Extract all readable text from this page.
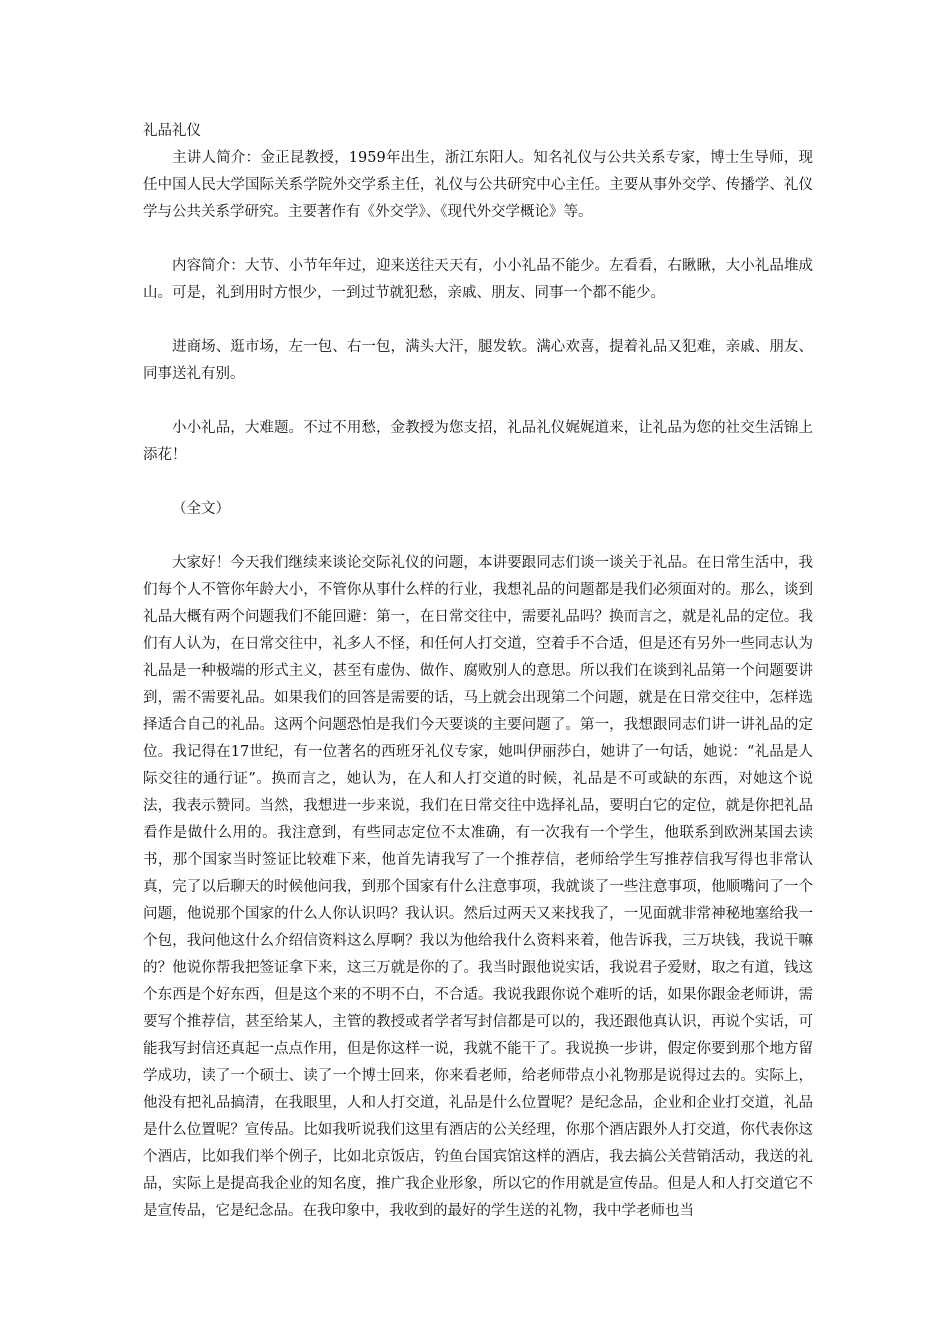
礼品礼仪

主讲人简介：金正昆教授，1959年出生，浙江东阳人。知名礼仪与公共关系专家，博士生导师，现任中国人民大学国际关系学院外交学系主任，礼仪与公共研究中心主任。主要从事外交学、传播学、礼仪学与公共关系学研究。主要著作有《外交学》、《现代外交学概论》等。

内容简介：大节、小节年年过，迎来送往天天有，小小礼品不能少。左看看，右瞅瞅，大小礼品堆成山。可是，礼到用时方恨少，一到过节就犯愁，亲戚、朋友、同事一个都不能少。

进商场、逛市场，左一包、右一包，满头大汗，腿发软。满心欢喜，提着礼品又犯难，亲戚、朋友、同事送礼有别。

小小礼品，大难题。不过不用愁，金教授为您支招，礼品礼仪娓娓道来，让礼品为您的社交生活锦上添花！

（全文）

大家好！今天我们继续来谈论交际礼仪的问题，本讲要跟同志们谈一谈关于礼品。在日常生活中，我们每个人不管你年龄大小，不管你从事什么样的行业，我想礼品的问题都是我们必须面对的。那么，谈到礼品大概有两个问题我们不能回避：第一，在日常交往中，需要礼品吗？换而言之，就是礼品的定位。我们有人认为，在日常交往中，礼多人不怪，和任何人打交道，空着手不合适，但是还有另外一些同志认为礼品是一种极端的形式主义，甚至有虚伪、做作、腐败别人的意思。所以我们在谈到礼品第一个问题要讲到，需不需要礼品。如果我们的回答是需要的话，马上就会出现第二个问题，就是在日常交往中，怎样选择适合自己的礼品。这两个问题恐怕是我们今天要谈的主要问题了。第一，我想跟同志们讲一讲礼品的定位。我记得在17世纪，有一位著名的西班牙礼仪专家，她叫伊丽莎白，她讲了一句话，她说：“礼品是人际交往的通行证”。换而言之，她认为，在人和人打交道的时候，礼品是不可或缺的东西，对她这个说法，我表示赞同。当然，我想进一步来说，我们在日常交往中选择礼品，要明白它的定位，就是你把礼品看作是做什么用的。我注意到，有些同志定位不太准确，有一次我有一个学生，他联系到欧洲某国去读书，那个国家当时签证比较难下来，他首先请我写了一个推荐信，老师给学生写推荐信我写得也非常认真，完了以后聊天的时候他问我，到那个国家有什么注意事项，我就谈了一些注意事项，他顺嘴问了一个问题，他说那个国家的什么人你认识吗？我认识。然后过两天又来找我了，一见面就非常神秘地塞给我一个包，我问他这什么介绍信资料这么厚啊？我以为他给我什么资料来着，他告诉我，三万块钱，我说干嘛的？他说你帮我把签证拿下来，这三万就是你的了。我当时跟他说实话，我说君子爱财，取之有道，钱这个东西是个好东西，但是这个来的不明不白，不合适。我说我跟你说个难听的话，如果你跟金老师讲，需要写个推荐信，甚至给某人，主管的教授或者学者写封信都是可以的，我还跟他真认识，再说个实话，可能我写封信还真起一点点作用，但是你这样一说，我就不能干了。我说换一步讲，假定你要到那个地方留学成功，读了一个硕士、读了一个博士回来，你来看老师，给老师带点小礼物那是说得过去的。实际上，他没有把礼品搞清，在我眼里，人和人打交道，礼品是什么位置呢？是纪念品，企业和企业打交道，礼品是什么位置呢？宣传品。比如我听说我们这里有酒店的公关经理，你那个酒店跟外人打交道，你代表你这个酒店，比如我们举个例子，比如北京饭店，钓鱼台国宾馆这样的酒店，我去搞公关营销活动，我送的礼品，实际上是提高我企业的知名度，推广我企业形象，所以它的作用就是宣传品。但是人和人打交道它不是宣传品，它是纪念品。在我印象中，我收到的最好的学生送的礼物，我中学老师也当
